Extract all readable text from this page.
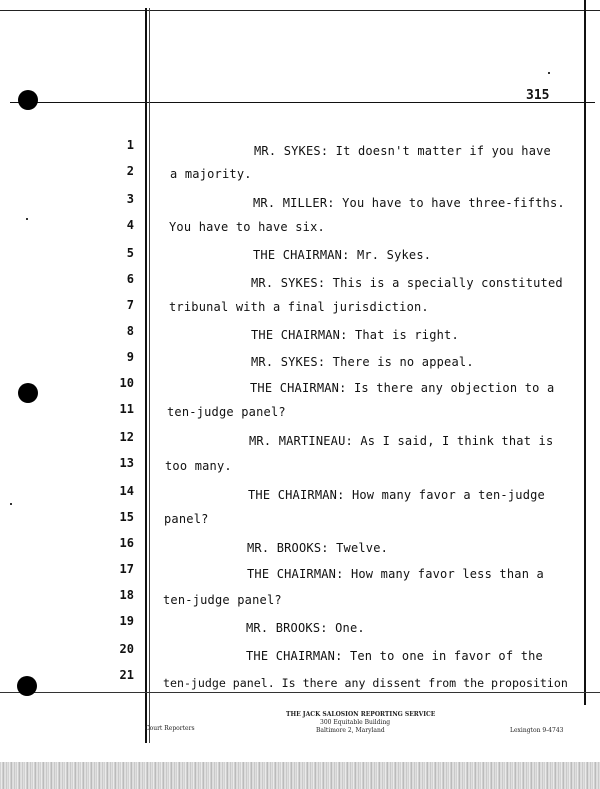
315
1
2
3
4
5
6
7
8
9
10
11
12
13
14
15
16
17
18
19
20
21
MR. SYKES: It doesn't matter if you have
a majority.
MR. MILLER: You have to have three-fifths.
You have to have six.
THE CHAIRMAN: Mr. Sykes.
MR. SYKES: This is a specially constituted
tribunal with a final jurisdiction.
THE CHAIRMAN: That is right.
MR. SYKES: There is no appeal.
THE CHAIRMAN: Is there any objection to a
ten-judge panel?
MR. MARTINEAU: As I said, I think that is
too many.
THE CHAIRMAN: How many favor a ten-judge
panel?
MR. BROOKS: Twelve.
THE CHAIRMAN: How many favor less than a
ten-judge panel?
MR. BROOKS: One.
THE CHAIRMAN: Ten to one in favor of the
ten-judge panel. Is there any dissent from the proposition
Court Reporters
THE JACK SALOSION REPORTING SERVICE
300 Equitable Building
Baltimore 2, Maryland	Lexington 9-4743
